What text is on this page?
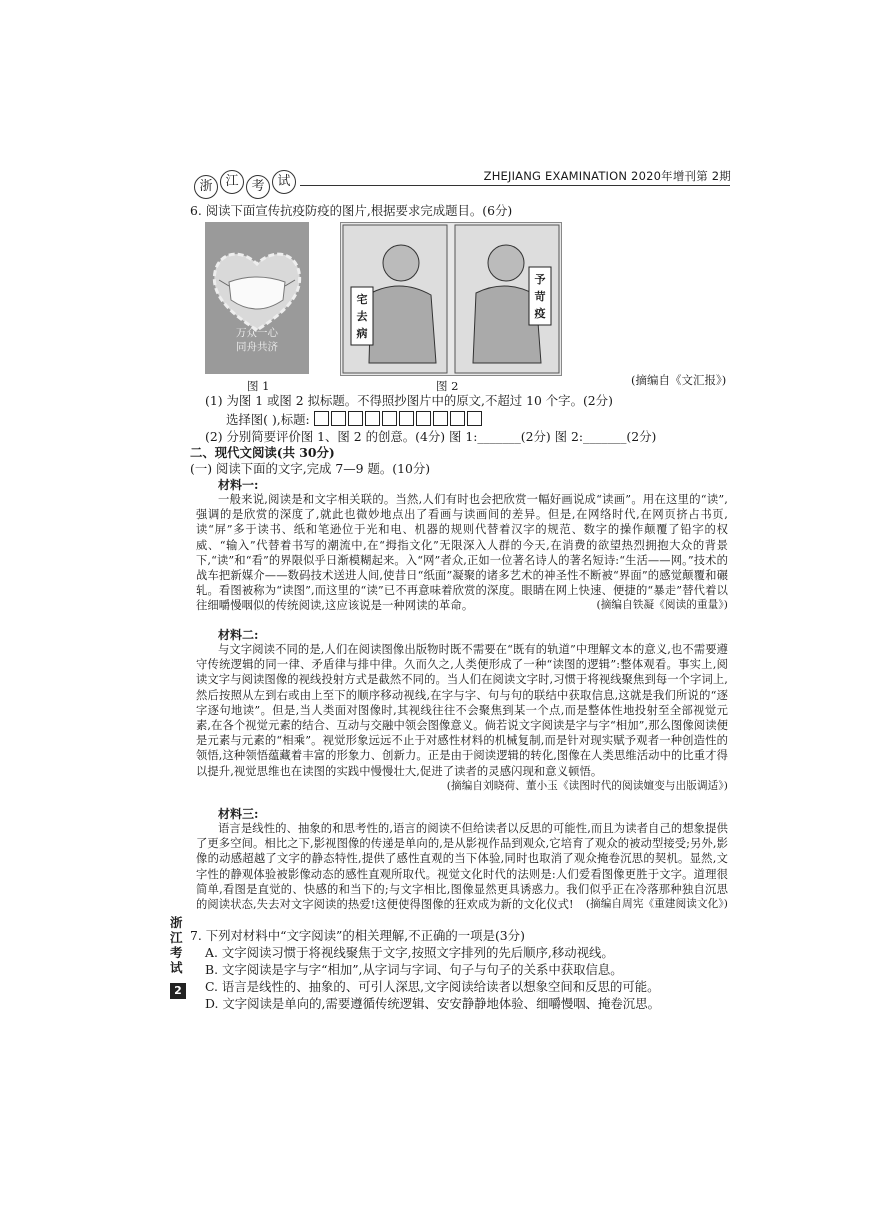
浙 江 考 试	ZHEJIANG EXAMINATION 2020年增刊第 2期
6. 阅读下面宣传抗疫防疫的图片,根据要求完成题目。(6分)
万众一心
同舟共济
宅去病
予苛疫
图 1	图 2	(摘编自《文汇报》)
(1) 为图 1 或图 2 拟标题。不得照抄图片中的原文,不超过 10 个字。(2分)
选择图( ),标题:
(2) 分别简要评价图 1、图 2 的创意。(4分) 图 1:_______(2分) 图 2:_______(2分)
二、现代文阅读(共 30分)
(一) 阅读下面的文字,完成 7—9 题。(10分)
材料一:
一般来说,阅读是和文字相关联的。当然,人们有时也会把欣赏一幅好画说成“读画”。用在这里的“读”,强调的是欣赏的深度了,就此也微妙地点出了看画与读画间的差异。但是,在网络时代,在网页挤占书页,读“屏”多于读书、纸和笔逊位于光和电、机器的规则代替着汉字的规范、数字的操作颠覆了铅字的权威、“输入”代替着书写的潮流中,在“拇指文化”无限深入人群的今天,在消费的欲望热烈拥抱大众的背景下,“读”和“看”的界限似乎日渐模糊起来。入“网”者众,正如一位著名诗人的著名短诗:“生活——网。”技术的战车把新媒介——数码技术送进人间,使昔日“纸面”凝聚的诸多艺术的神圣性不断被“界面”的感觉颠覆和碾轧。看图被称为“读图”,而这里的“读”已不再意味着欣赏的深度。眼睛在网上快速、便捷的“暴走”替代着以往细嚼慢咽似的传统阅读,这应该说是一种网读的革命。	(摘编自铁凝《阅读的重量》)
材料二:
与文字阅读不同的是,人们在阅读图像出版物时既不需要在“既有的轨道”中理解文本的意义,也不需要遵守传统逻辑的同一律、矛盾律与排中律。久而久之,人类便形成了一种“读图的逻辑”:整体观看。事实上,阅读文字与阅读图像的视线投射方式是截然不同的。当人们在阅读文字时,习惯于将视线聚焦到每一个字词上,然后按照从左到右或由上至下的顺序移动视线,在字与字、句与句的联结中获取信息,这就是我们所说的“逐字逐句地读”。但是,当人类面对图像时,其视线往往不会聚焦到某一个点,而是整体性地投射至全部视觉元素,在各个视觉元素的结合、互动与交融中领会图像意义。倘若说文字阅读是字与字“相加”,那么图像阅读便是元素与元素的“相乘”。视觉形象远远不止于对感性材料的机械复制,而是针对现实赋予观者一种创造性的领悟,这种领悟蕴藏着丰富的形象力、创新力。正是由于阅读逻辑的转化,图像在人类思维活动中的比重才得以提升,视觉思维也在读图的实践中慢慢壮大,促进了读者的灵感闪现和意义顿悟。
(摘编自刘晓荷、董小玉《读图时代的阅读嬗变与出版调适》)
材料三:
语言是线性的、抽象的和思考性的,语言的阅读不但给读者以反思的可能性,而且为读者自己的想象提供了更多空间。相比之下,影视图像的传递是单向的,是从影视作品到观众,它培育了观众的被动型接受;另外,影像的动感超越了文字的静态特性,提供了感性直观的当下体验,同时也取消了观众掩卷沉思的契机。显然,文字性的静观体验被影像动态的感性直观所取代。视觉文化时代的法则是:人们爱看图像更胜于文字。道理很简单,看图是直觉的、快感的和当下的;与文字相比,图像显然更具诱惑力。我们似乎正在冷落那种独自沉思的阅读状态,失去对文字阅读的热爱!这便使得图像的狂欢成为新的文化仪式! (摘编自周宪《重建阅读文化》)
7. 下列对材料中“文字阅读”的相关理解,不正确的一项是(3分)
A. 文字阅读习惯于将视线聚焦于文字,按照文字排列的先后顺序,移动视线。
B. 文字阅读是字与字“相加”,从字词与字词、句子与句子的关系中获取信息。
C. 语言是线性的、抽象的、可引人深思,文字阅读给读者以想象空间和反思的可能。
D. 文字阅读是单向的,需要遵循传统逻辑、安安静静地体验、细嚼慢咽、掩卷沉思。
浙江考试
2
